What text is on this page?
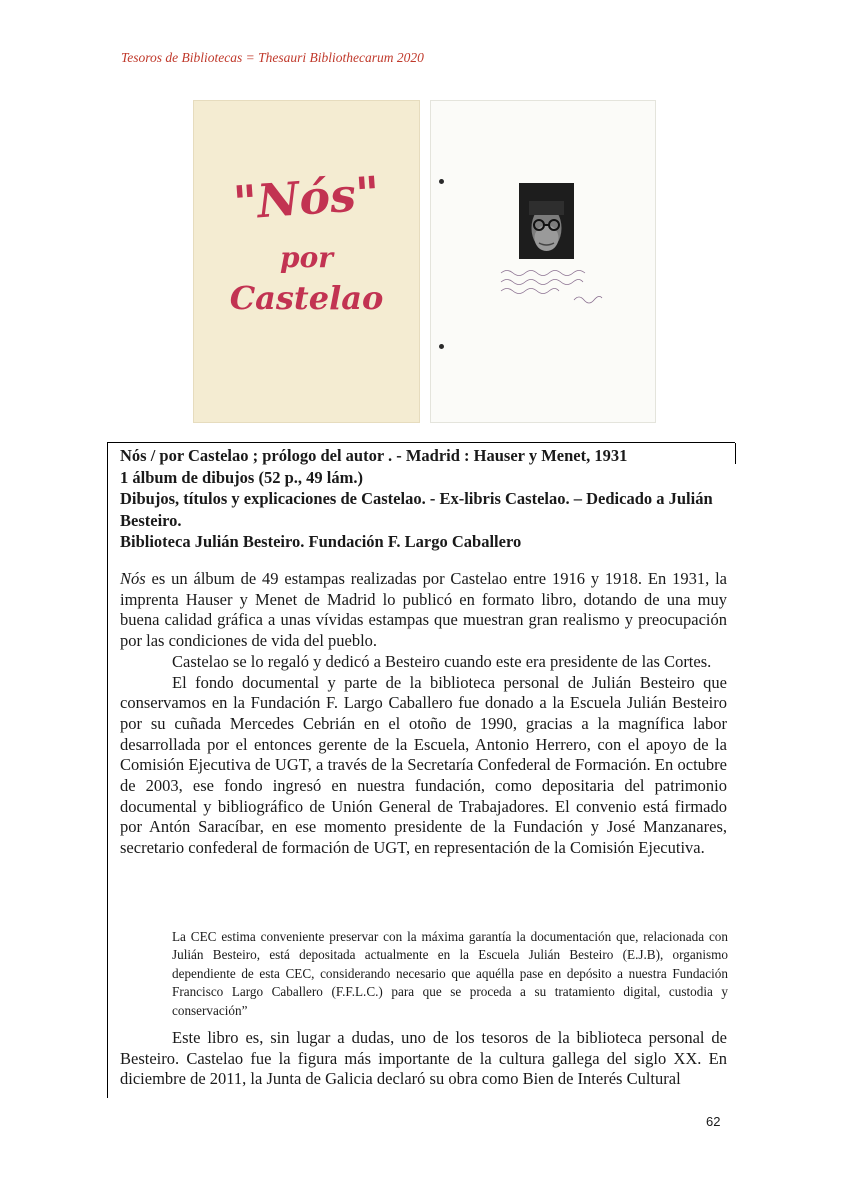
Tesoros de Bibliotecas = Thesauri Bibliothecarum 2020
"Nós"
por
Castelao
Nós / por Castelao ; prólogo del autor . - Madrid : Hauser y Menet, 1931
1 álbum de dibujos (52 p., 49 lám.)
Dibujos, títulos y explicaciones de Castelao. - Ex-libris Castelao. – Dedicado a Julián Besteiro.
Biblioteca Julián Besteiro. Fundación F. Largo Caballero

Nós es un álbum de 49 estampas realizadas por Castelao entre 1916 y 1918. En 1931, la imprenta Hauser y Menet de Madrid lo publicó en formato libro, dotando de una muy buena calidad gráfica a unas vívidas estampas que muestran gran realismo y preocupación por las condiciones de vida del pueblo.

Castelao se lo regaló y dedicó a Besteiro cuando este era presidente de las Cortes.

El fondo documental y parte de la biblioteca personal de Julián Besteiro que conservamos en la Fundación F. Largo Caballero fue donado a la Escuela Julián Besteiro por su cuñada Mercedes Cebrián en el otoño de 1990, gracias a la magnífica labor desarrollada por el entonces gerente de la Escuela, Antonio Herrero, con el apoyo de la Comisión Ejecutiva de UGT, a través de la Secretaría Confederal de Formación. En octubre de 2003, ese fondo ingresó en nuestra fundación, como depositaria del patrimonio documental y bibliográfico de Unión General de Trabajadores. El convenio está firmado por Antón Saracíbar, en ese momento presidente de la Fundación y José Manzanares, secretario confederal de formación de UGT, en representación de la Comisión Ejecutiva.

La CEC estima conveniente preservar con la máxima garantía la documentación que, relacionada con Julián Besteiro, está depositada actualmente en la Escuela Julián Besteiro (E.J.B), organismo dependiente de esta CEC, considerando necesario que aquélla pase en depósito a nuestra Fundación Francisco Largo Caballero (F.F.L.C.) para que se proceda a su tratamiento digital, custodia y conservación”

Este libro es, sin lugar a dudas, uno de los tesoros de la biblioteca personal de Besteiro. Castelao fue la figura más importante de la cultura gallega del siglo XX. En diciembre de 2011, la Junta de Galicia declaró su obra como Bien de Interés Cultural

62
